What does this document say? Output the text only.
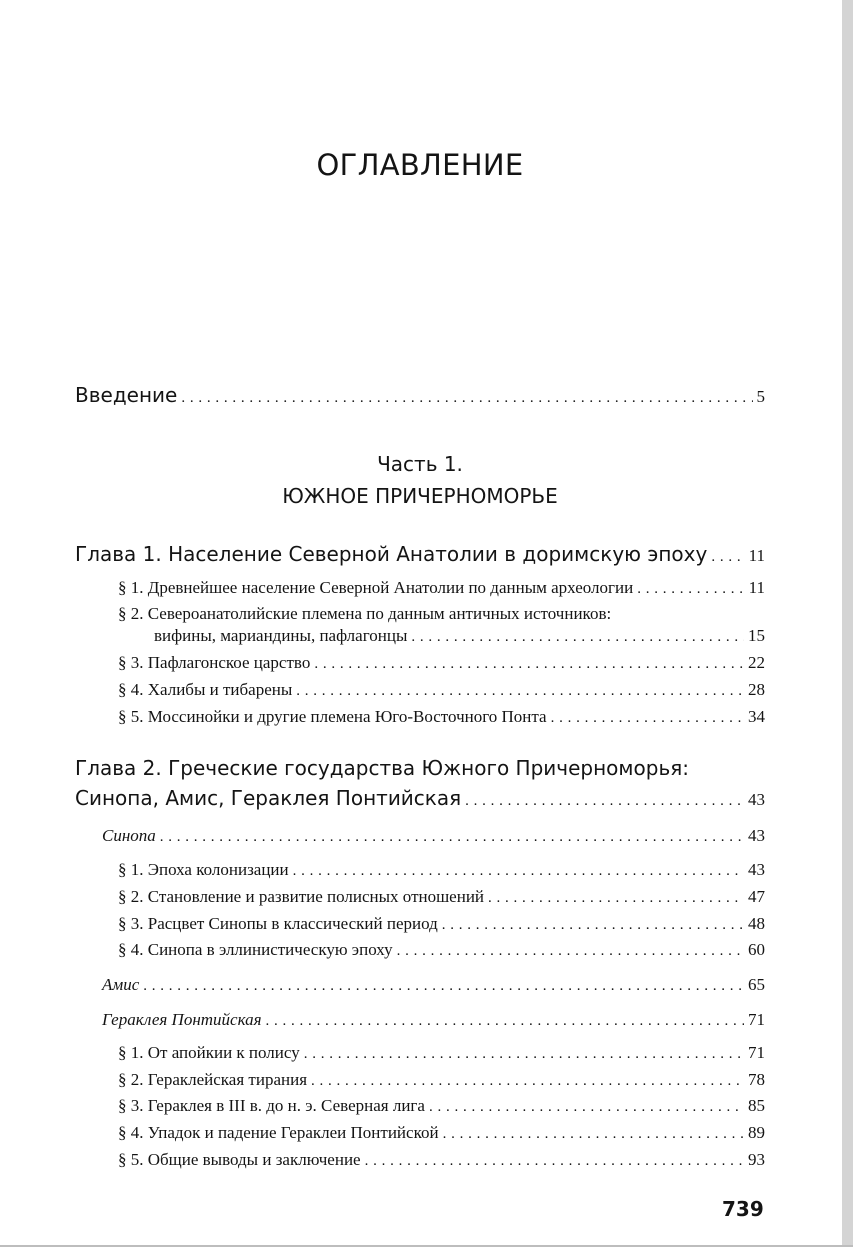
ОГЛАВЛЕНИЕ
Введение . . .	5
Часть 1.
ЮЖНОЕ ПРИЧЕРНОМОРЬЕ
Глава 1. Население Северной Анатолии в доримскую эпоху . . . 11
§ 1. Древнейшее население Северной Анатолии по данным археологии . . .	11
§ 2. Североанатолийские племена по данным античных источников:
вифины, мариандины, пафлагонцы . . .	15
§ 3. Пафлагонское царство . . .	22
§ 4. Халибы и тибарены . . .	28
§ 5. Моссинойки и другие племена Юго-Восточного Понта . . .	34
Глава 2. Греческие государства Южного Причерноморья:
Синопа, Амис, Гераклея Понтийская . . .	43
Синопа . . .	43
§ 1. Эпоха колонизации . . .	43
§ 2. Становление и развитие полисных отношений . . .	47
§ 3. Расцвет Синопы в классический период . . .	48
§ 4. Синопа в эллинистическую эпоху . . .	60
Амис . . .	65
Гераклея Понтийская . . .	71
§ 1. От апойкии к полису . . .	71
§ 2. Гераклейская тирания . . .	78
§ 3. Гераклея в III в. до н. э. Северная лига . . .	85
§ 4. Упадок и падение Гераклеи Понтийской . . .	89
§ 5. Общие выводы и заключение . . .	93
739
